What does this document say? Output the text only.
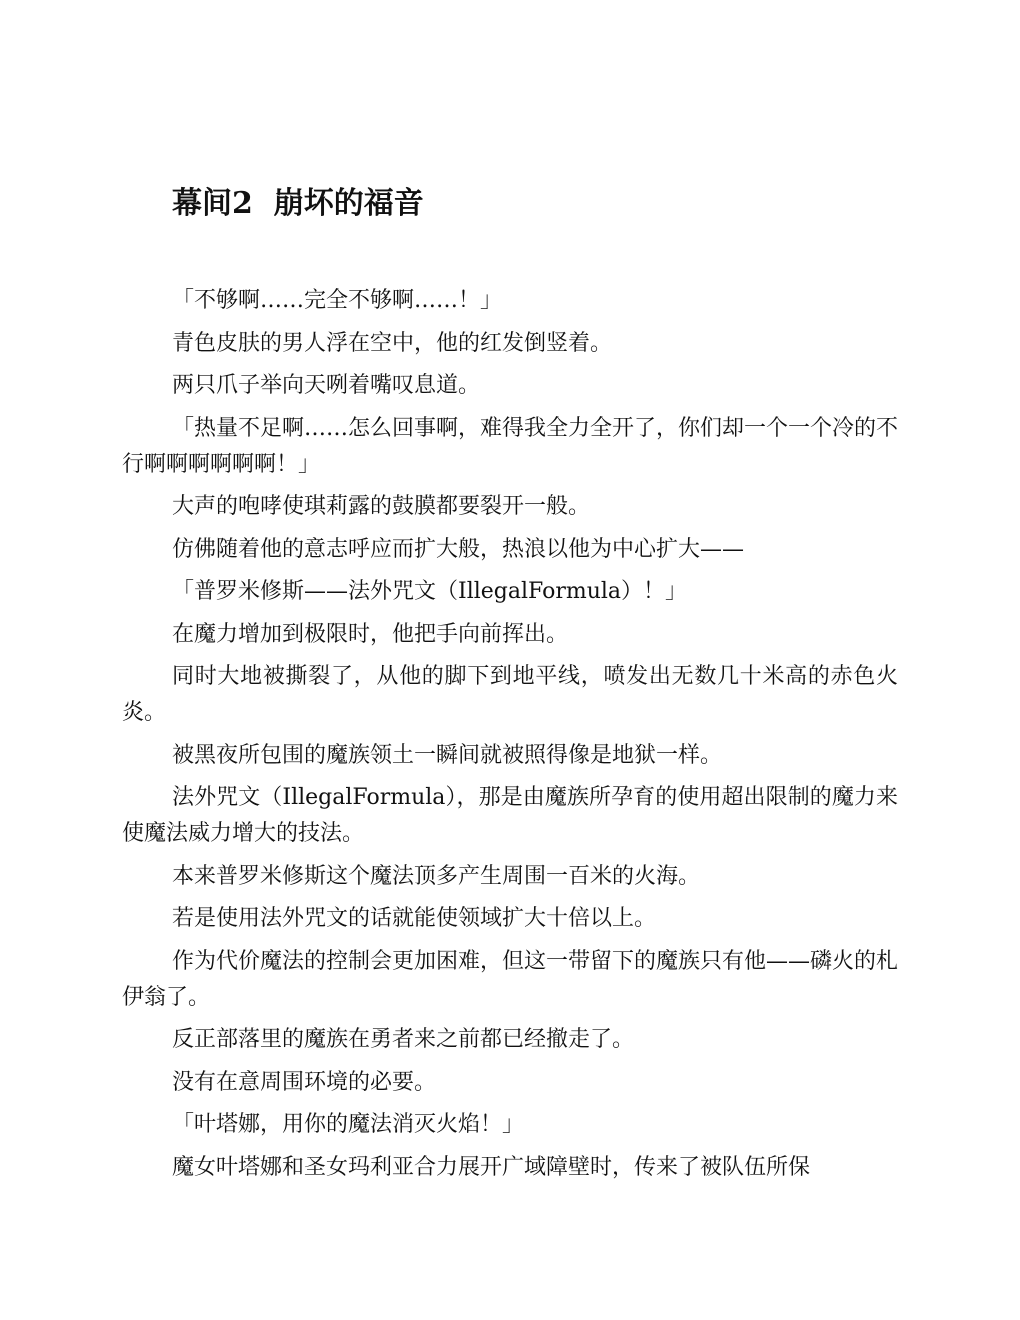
幕间2  崩坏的福音

「不够啊……完全不够啊……！」

青色皮肤的男人浮在空中，他的红发倒竖着。

两只爪子举向天咧着嘴叹息道。

「热量不足啊……怎么回事啊，难得我全力全开了，你们却一个一个冷的不行啊啊啊啊啊啊！」

大声的咆哮使琪莉露的鼓膜都要裂开一般。

仿佛随着他的意志呼应而扩大般，热浪以他为中心扩大——

「普罗米修斯——法外咒文（IllegalFormula）！」

在魔力增加到极限时，他把手向前挥出。

同时大地被撕裂了，从他的脚下到地平线，喷发出无数几十米高的赤色火炎。

被黑夜所包围的魔族领土一瞬间就被照得像是地狱一样。

法外咒文（IllegalFormula），那是由魔族所孕育的使用超出限制的魔力来使魔法威力增大的技法。

本来普罗米修斯这个魔法顶多产生周围一百米的火海。

若是使用法外咒文的话就能使领域扩大十倍以上。

作为代价魔法的控制会更加困难，但这一带留下的魔族只有他——磷火的札伊翁了。

反正部落里的魔族在勇者来之前都已经撤走了。

没有在意周围环境的必要。

「叶塔娜，用你的魔法消灭火焰！」

魔女叶塔娜和圣女玛利亚合力展开广域障壁时，传来了被队伍所保
